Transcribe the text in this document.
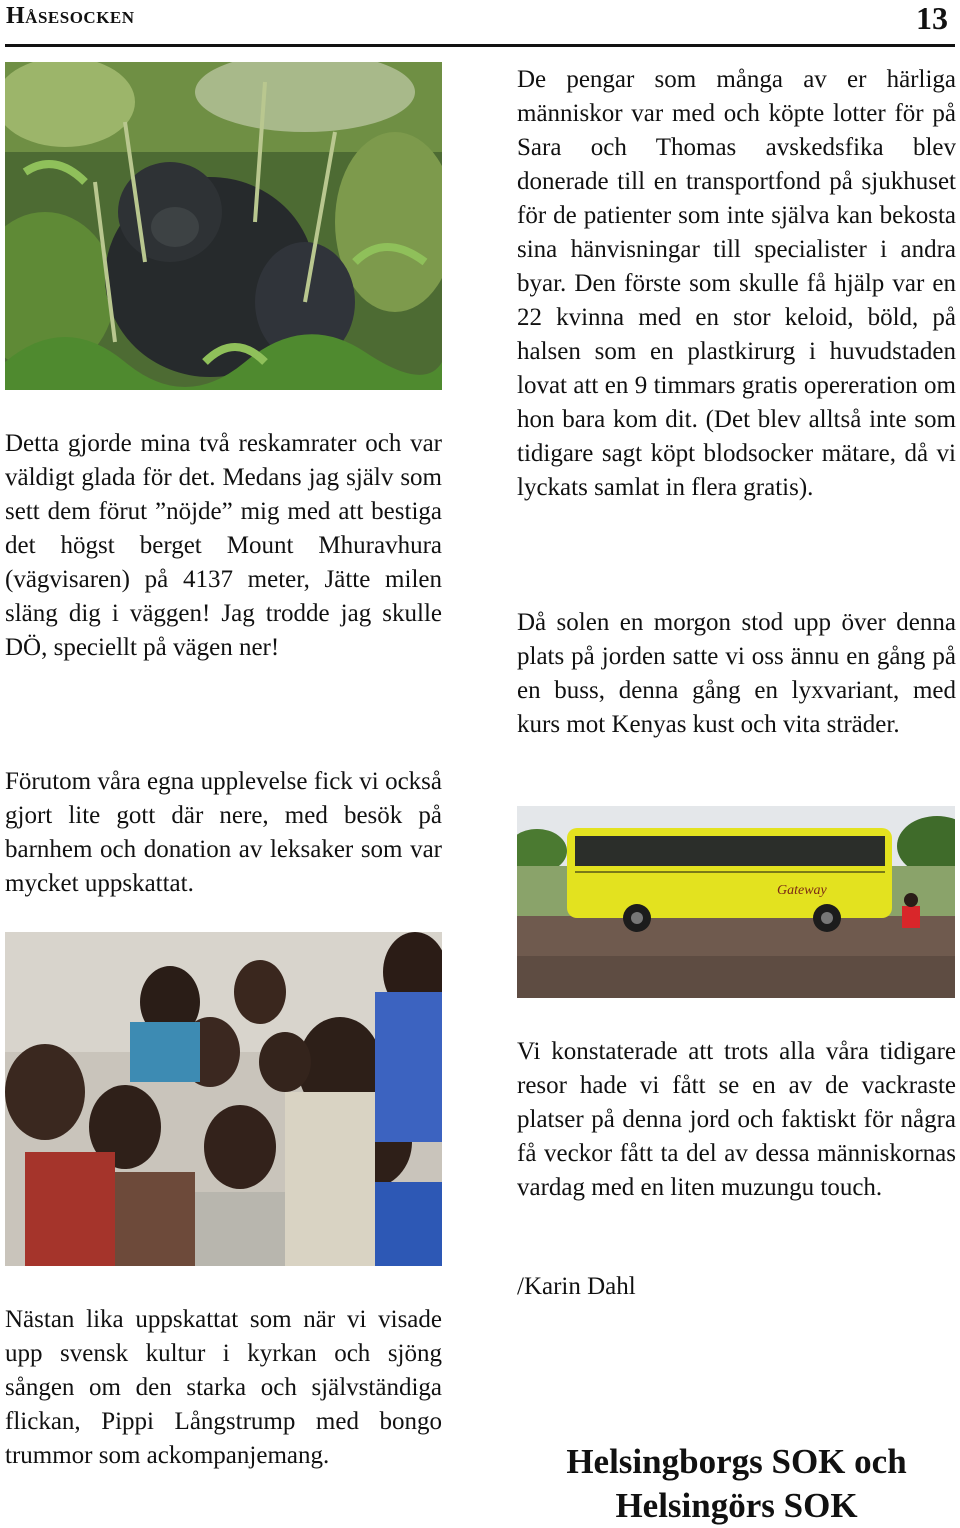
Håsesocken	13

Detta gjorde mina två reskamrater och var väldigt glada för det. Medans jag själv som sett dem förut ”nöjde” mig med att bestiga det högst berget Mount Mhuravhura (vägvisaren) på 4137 meter, Jätte milen släng dig i väggen! Jag trodde jag skulle DÖ, speciellt på vägen ner!

Förutom våra egna upplevelse fick vi också gjort lite gott där nere, med besök på barnhem och donation av leksaker som var mycket uppskattat.

Nästan lika uppskattat som när vi visade upp svensk kultur i kyrkan och sjöng sången om den starka och självständiga flickan, Pippi Långstrump med bongo trummor som ackompanjemang.

De pengar som många av er härliga människor var med och köpte lotter för på Sara och Thomas avskedsfika blev donerade till en transportfond på sjukhuset för de patienter som inte själva kan bekosta sina hänvisningar till specialister i andra byar. Den förste som skulle få hjälp var en 22 kvinna med en stor keloid, böld, på halsen som en plastkirurg i huvudstaden lovat att en 9 timmars gratis opereration om hon bara kom dit. (Det blev alltså inte som tidigare sagt köpt blodsocker mätare, då vi lyckats samlat in flera gratis).

Då solen en morgon stod upp över denna plats på jorden satte vi oss ännu en gång på en buss, denna gång en lyxvariant, med kurs mot Kenyas kust och vita sträder.

Gateway

Vi konstaterade att trots alla våra tidigare resor hade vi fått se en av de vackraste platser på denna jord och faktiskt för några få veckor fått ta del av dessa människornas vardag med en liten muzungu touch.

/Karin Dahl
Helsingborgs SOK och
Helsingörs SOK
